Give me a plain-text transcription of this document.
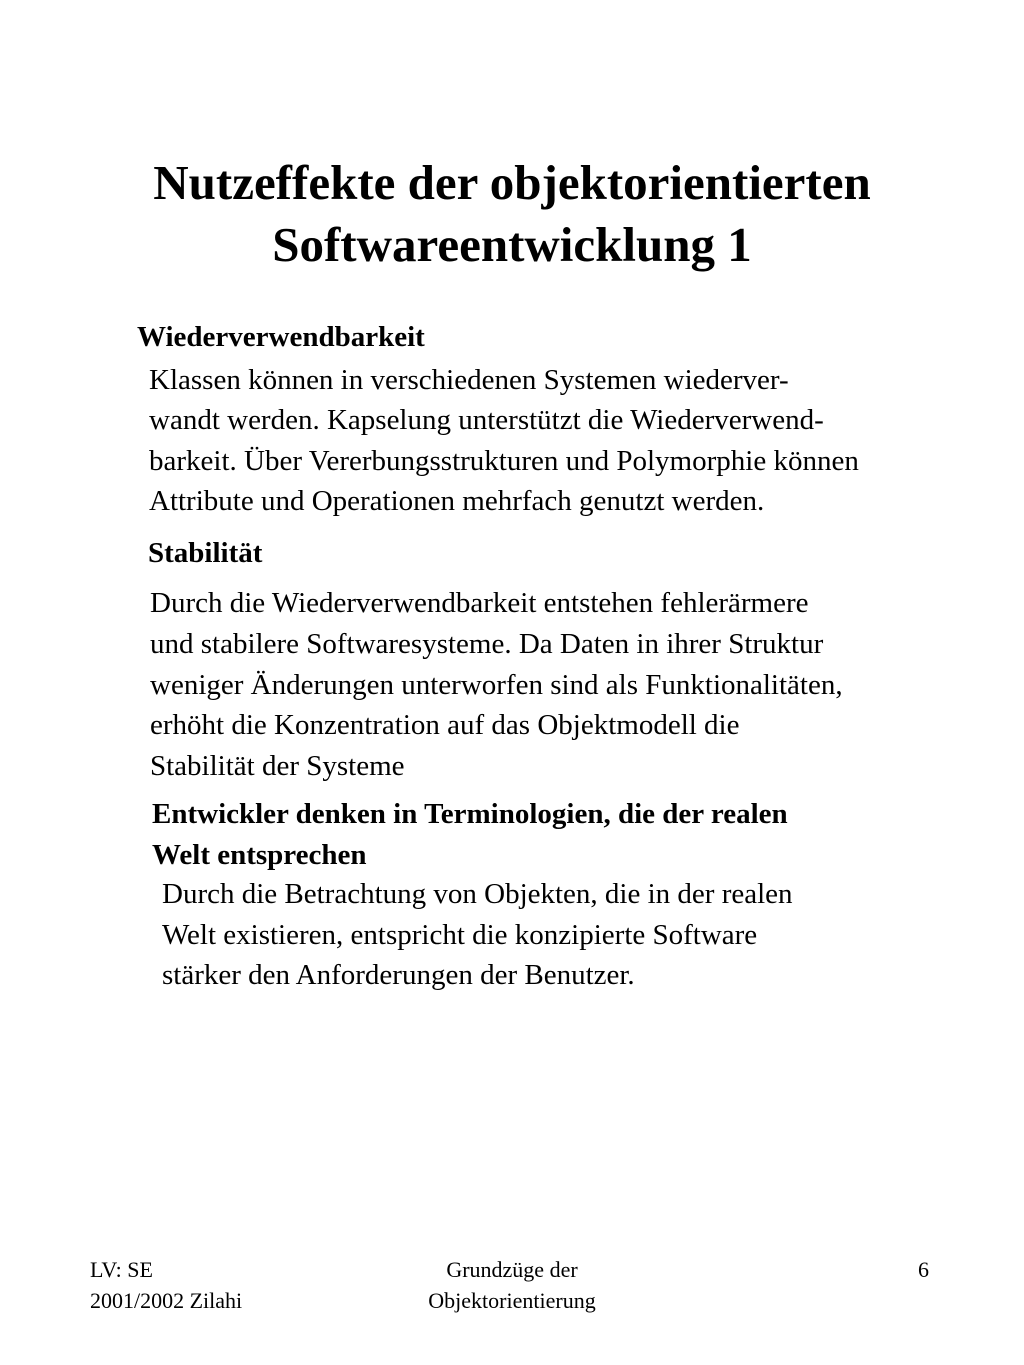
Nutzeffekte der objektorientierten
Softwareentwicklung 1
Wiederverwendbarkeit
Klassen können in verschiedenen Systemen wiederver-
wandt werden. Kapselung unterstützt die Wiederverwend-
barkeit. Über Vererbungsstrukturen und Polymorphie können
Attribute und Operationen mehrfach genutzt werden.
Stabilität
Durch die Wiederverwendbarkeit entstehen fehlerärmere
und stabilere Softwaresysteme. Da Daten in ihrer Struktur
weniger Änderungen unterworfen sind als Funktionalitäten,
erhöht die Konzentration auf das Objektmodell die
Stabilität der Systeme
Entwickler denken in Terminologien, die der realen
Welt entsprechen
Durch die Betrachtung von Objekten, die in der realen
Welt existieren, entspricht die konzipierte Software
stärker den Anforderungen der Benutzer.
LV: SE
2001/2002 Zilahi
Grundzüge der
Objektorientierung
6
